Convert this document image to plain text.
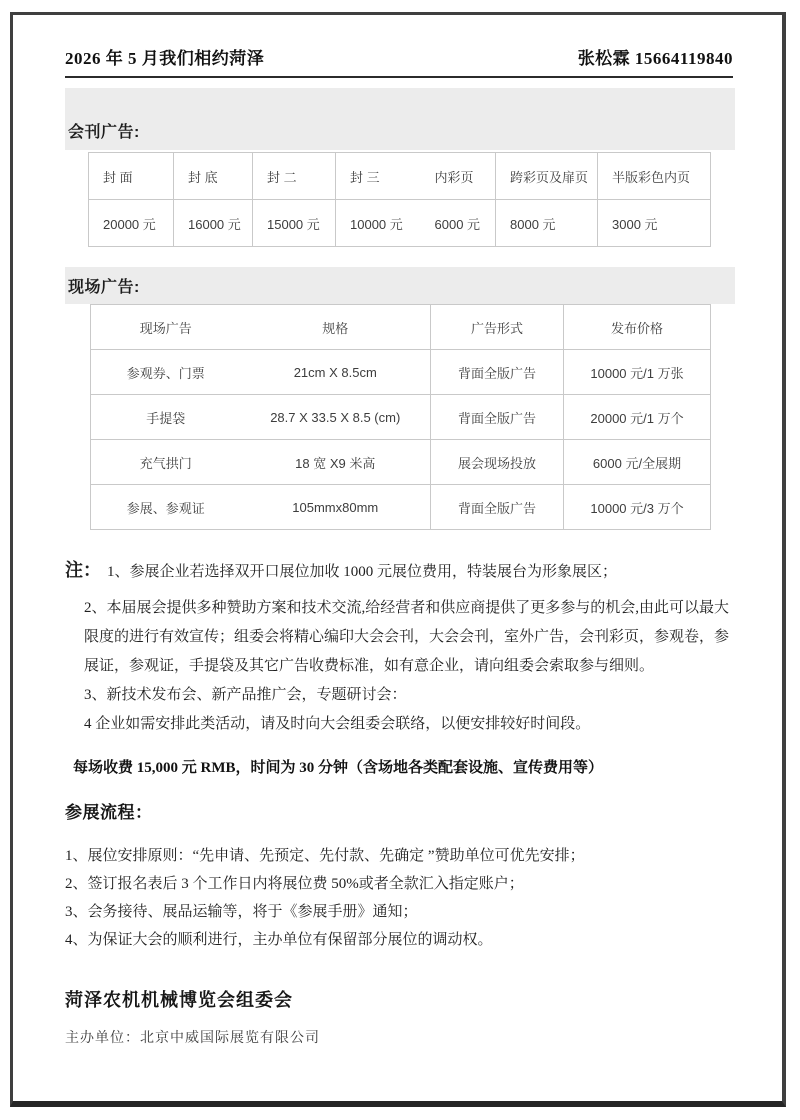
2026 年 5 月我们相约菏泽	张松霖 15664119840
会刊广告:
封 面	封 底	封 二	封 三	内彩页	跨彩页及扉页	半版彩色内页
20000 元	16000 元	15000 元	10000 元	6000 元	8000 元	3000 元
现场广告:
现场广告	规格	广告形式	发布价格
参观券、门票	21cm X 8.5cm	背面全版广告	10000 元/1 万张
手提袋	28.7 X 33.5 X 8.5 (cm)	背面全版广告	20000 元/1 万个
充气拱门	18 宽 X9 米高	展会现场投放	6000 元/全展期
参展、参观证	105mmx80mm	背面全版广告	10000 元/3 万个

注： 1、参展企业若选择双开口展位加收 1000 元展位费用，特装展台为形象展区；

2、本届展会提供多种赞助方案和技术交流,给经营者和供应商提供了更多参与的机会,由此可以最大限度的进行有效宣传；组委会将精心编印大会会刊，大会会刊，室外广告，会刊彩页，参观卷，参展证，参观证，手提袋及其它广告收费标准，如有意企业，请向组委会索取参与细则。

3、新技术发布会、新产品推广会，专题研讨会：

4 企业如需安排此类活动，请及时向大会组委会联络，以便安排较好时间段。

每场收费 15,000 元 RMB，时间为 30 分钟（含场地各类配套设施、宣传费用等）

参展流程：

1、展位安排原则：“先申请、先预定、先付款、先确定 ”赞助单位可优先安排；

2、签订报名表后 3 个工作日内将展位费 50%或者全款汇入指定账户；

3、会务接待、展品运输等，将于《参展手册》通知；

4、为保证大会的顺利进行，主办单位有保留部分展位的调动权。

菏泽农机机械博览会组委会
主办单位：北京中威国际展览有限公司
